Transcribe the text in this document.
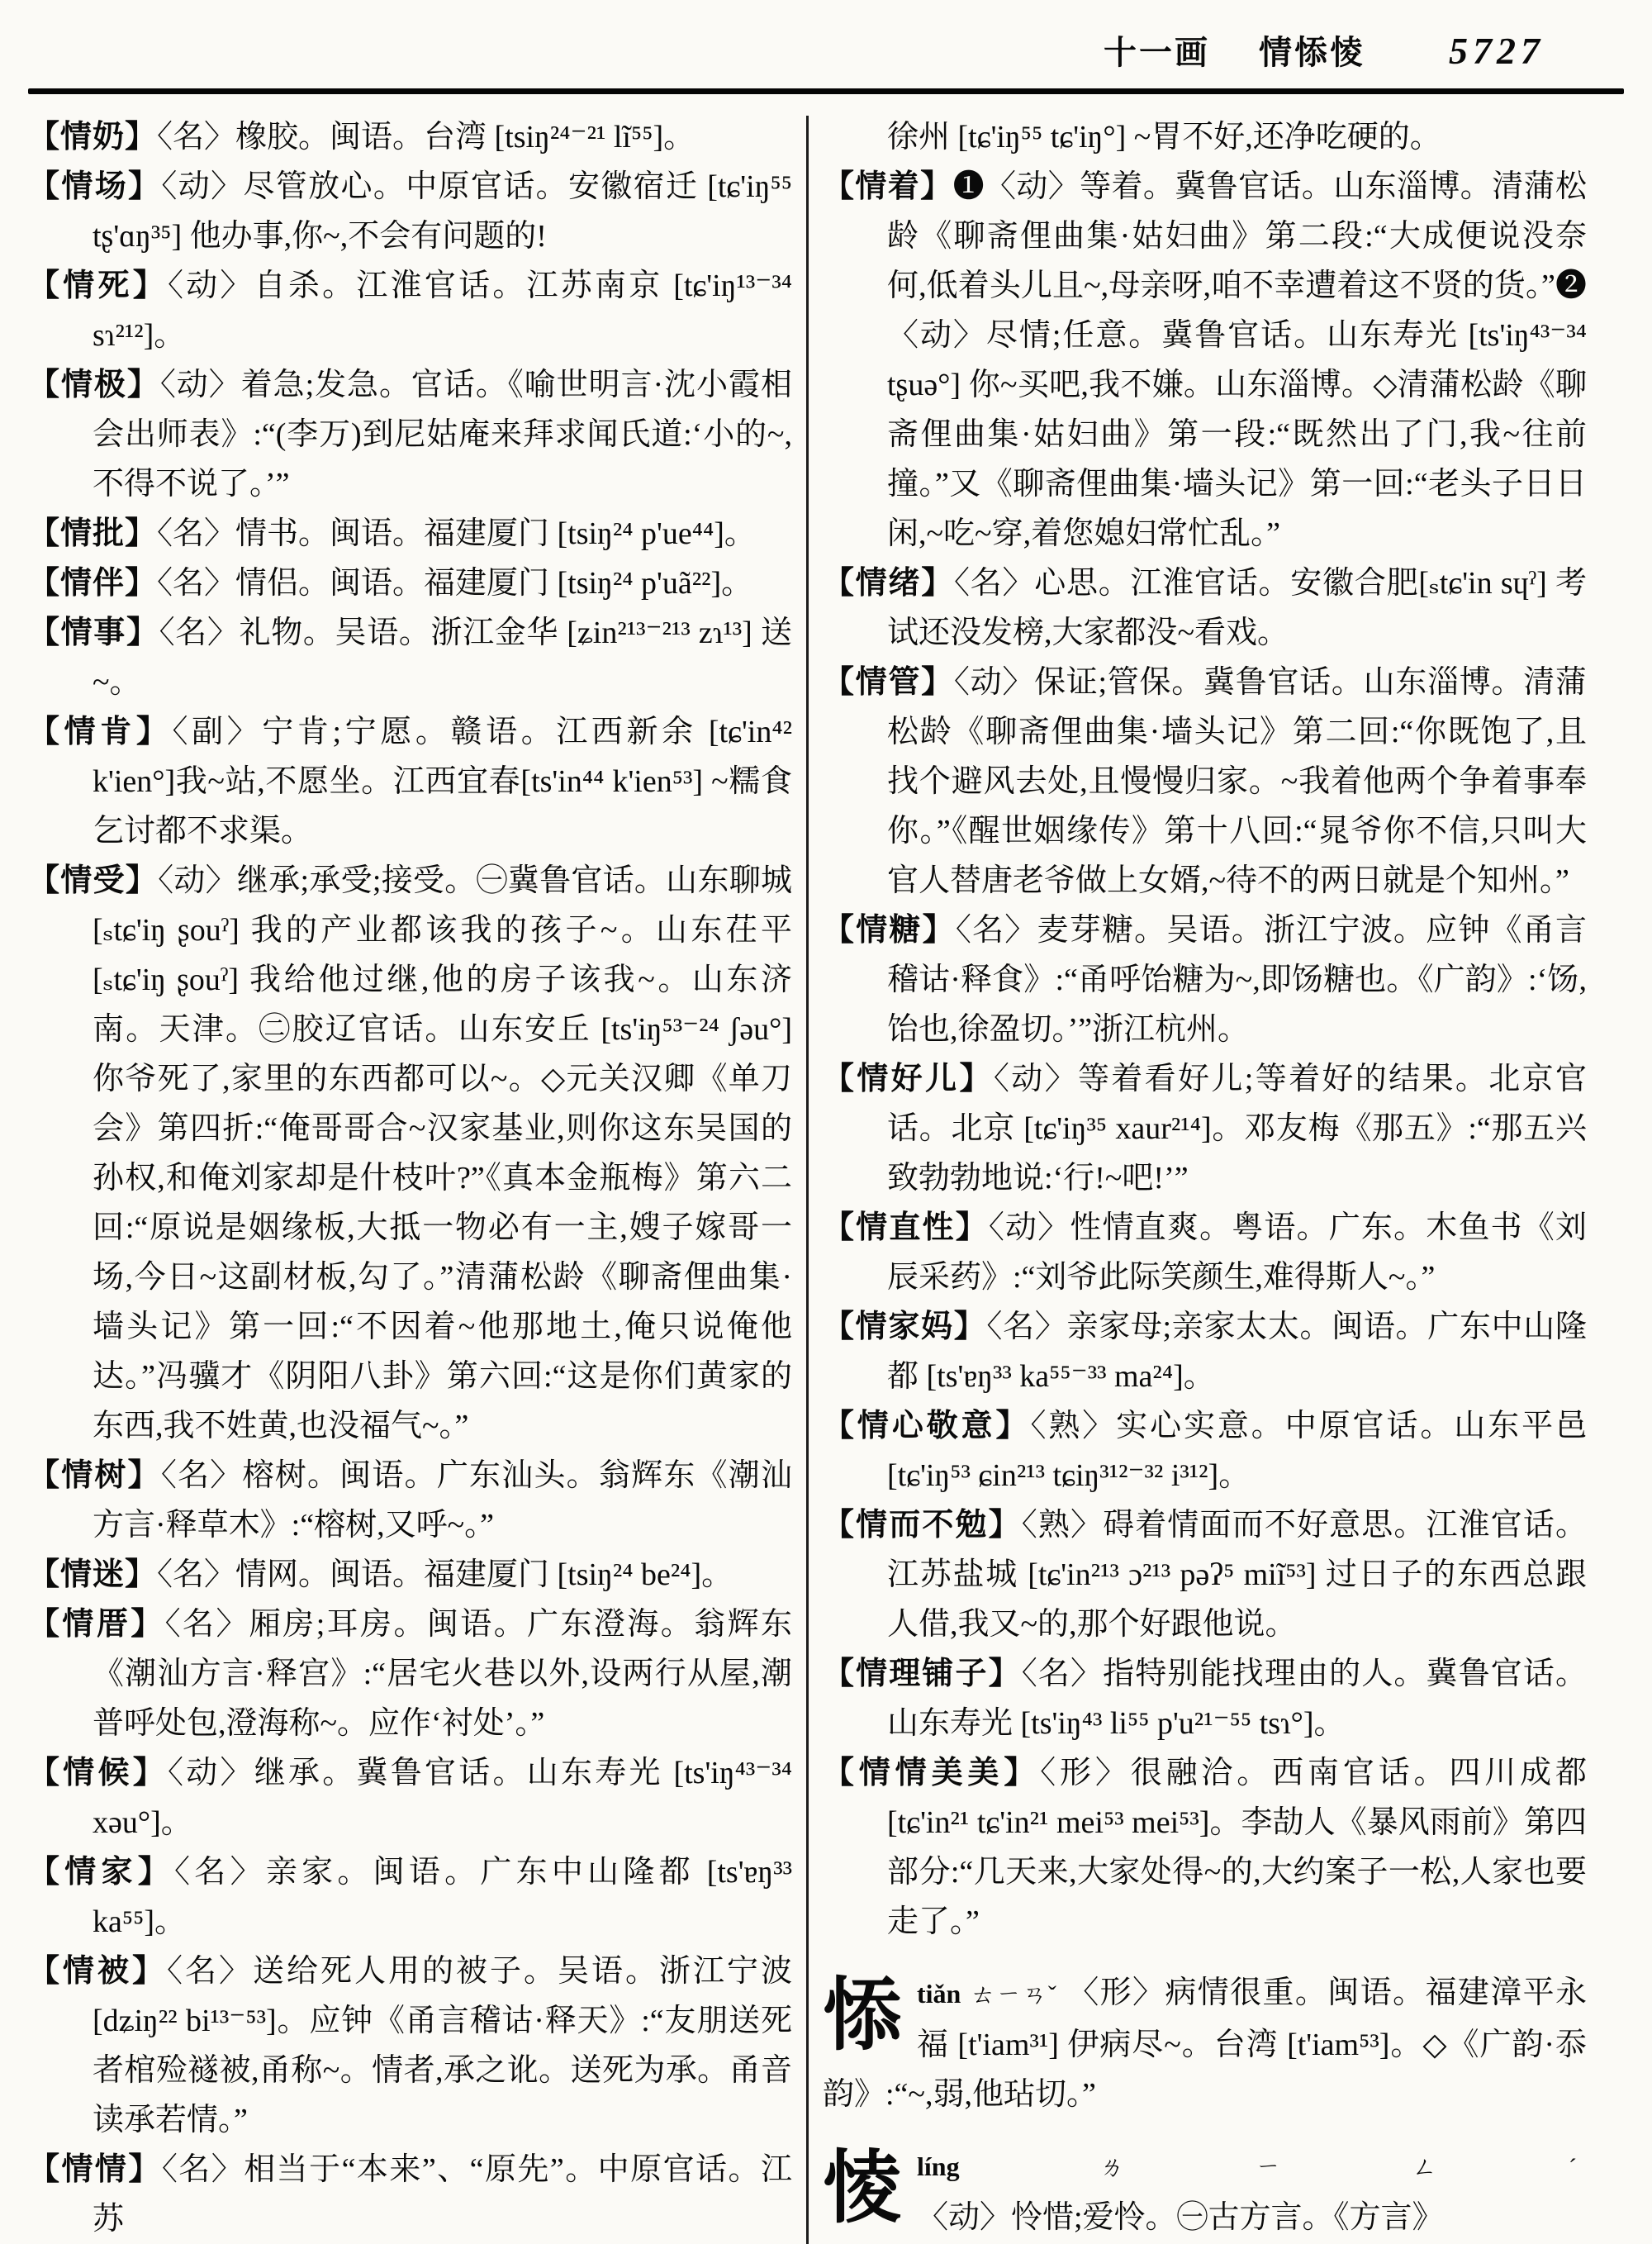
十一画 情悿㥄 5727

【情奶】〈名〉橡胶。闽语。台湾 [tsiŋ²⁴⁻²¹ lĩ⁵⁵]。

【情场】〈动〉尽管放心。中原官话。安徽宿迁 [tɕ'iŋ⁵⁵ tʂ'ɑŋ³⁵] 他办事,你~,不会有问题的!

【情死】〈动〉自杀。江淮官话。江苏南京 [tɕ'iŋ¹³⁻³⁴ sɿ²¹²]。

【情极】〈动〉着急;发急。官话。《喻世明言·沈小霞相会出师表》:“(李万)到尼姑庵来拜求闻氏道:‘小的~,不得不说了。’”

【情批】〈名〉情书。闽语。福建厦门 [tsiŋ²⁴ p'ue⁴⁴]。

【情伴】〈名〉情侣。闽语。福建厦门 [tsiŋ²⁴ p'uã²²]。

【情事】〈名〉礼物。吴语。浙江金华 [ʑin²¹³⁻²¹³ zɿ¹³] 送~。

【情肯】〈副〉宁肯;宁愿。赣语。江西新余 [tɕ'in⁴² k'ien°]我~站,不愿坐。江西宜春[ts'in⁴⁴ k'ien⁵³] ~糯食乞讨都不求渠。

【情受】〈动〉继承;承受;接受。㊀冀鲁官话。山东聊城 [ₛtɕ'iŋ ʂouˀ] 我的产业都该我的孩子~。山东茌平 [ₛtɕ'iŋ ʂouˀ] 我给他过继,他的房子该我~。山东济南。天津。㊁胶辽官话。山东安丘 [ts'iŋ⁵³⁻²⁴ ʃəu°] 你爷死了,家里的东西都可以~。◇元关汉卿《单刀会》第四折:“俺哥哥合~汉家基业,则你这东吴国的孙权,和俺刘家却是什枝叶?”《真本金瓶梅》第六二回:“原说是姻缘板,大抵一物必有一主,嫂子嫁哥一场,今日~这副材板,勾了。”清蒲松龄《聊斋俚曲集·墙头记》第一回:“不因着~他那地土,俺只说俺他达。”冯骥才《阴阳八卦》第六回:“这是你们黄家的东西,我不姓黄,也没福气~。”

【情树】〈名〉榕树。闽语。广东汕头。翁辉东《潮汕方言·释草木》:“榕树,又呼~。”

【情迷】〈名〉情网。闽语。福建厦门 [tsiŋ²⁴ be²⁴]。

【情厝】〈名〉厢房;耳房。闽语。广东澄海。翁辉东《潮汕方言·释宫》:“居宅火巷以外,设两行从屋,潮普呼处包,澄海称~。应作‘衬处’。”

【情候】〈动〉继承。冀鲁官话。山东寿光 [ts'iŋ⁴³⁻³⁴ xəu°]。

【情家】〈名〉亲家。闽语。广东中山隆都 [ts'ɐŋ³³ ka⁵⁵]。

【情被】〈名〉送给死人用的被子。吴语。浙江宁波 [dʑiŋ²² bi¹³⁻⁵³]。应钟《甬言稽诂·释天》:“友朋送死者棺殓襚被,甬称~。情者,承之讹。送死为承。甬音读承若情。”

【情情】〈名〉相当于“本来”、“原先”。中原官话。江苏

徐州 [tɕ'iŋ⁵⁵ tɕ'iŋ°] ~胃不好,还净吃硬的。

【情着】❶〈动〉等着。冀鲁官话。山东淄博。清蒲松龄《聊斋俚曲集·姑妇曲》第二段:“大成便说没奈何,低着头儿且~,母亲呀,咱不幸遭着这不贤的货。”❷〈动〉尽情;任意。冀鲁官话。山东寿光 [ts'iŋ⁴³⁻³⁴ tʂuə°] 你~买吧,我不嫌。山东淄博。◇清蒲松龄《聊斋俚曲集·姑妇曲》第一段:“既然出了门,我~往前撞。”又《聊斋俚曲集·墙头记》第一回:“老头子日日闲,~吃~穿,着您媳妇常忙乱。”

【情绪】〈名〉心思。江淮官话。安徽合肥[ₛtɕ'in sɥˀ] 考试还没发榜,大家都没~看戏。

【情管】〈动〉保证;管保。冀鲁官话。山东淄博。清蒲松龄《聊斋俚曲集·墙头记》第二回:“你既饱了,且找个避风去处,且慢慢归家。~我着他两个争着事奉你。”《醒世姻缘传》第十八回:“晁爷你不信,只叫大官人替唐老爷做上女婿,~待不的两日就是个知州。”

【情糖】〈名〉麦芽糖。吴语。浙江宁波。应钟《甬言稽诂·释食》:“甬呼饴糖为~,即饧糖也。《广韵》:‘饧,饴也,徐盈切。’”浙江杭州。

【情好儿】〈动〉等着看好儿;等着好的结果。北京官话。北京 [tɕ'iŋ³⁵ xaur²¹⁴]。邓友梅《那五》:“那五兴致勃勃地说:‘行!~吧!’”

【情直性】〈动〉性情直爽。粤语。广东。木鱼书《刘辰采药》:“刘爷此际笑颜生,难得斯人~。”

【情家妈】〈名〉亲家母;亲家太太。闽语。广东中山隆都 [ts'ɐŋ³³ ka⁵⁵⁻³³ ma²⁴]。

【情心敬意】〈熟〉实心实意。中原官话。山东平邑 [tɕ'iŋ⁵³ ɕin²¹³ tɕiŋ³¹²⁻³² i³¹²]。

【情而不勉】〈熟〉碍着情面而不好意思。江淮官话。江苏盐城 [tɕ'in²¹³ ɔ²¹³ pəʔ⁵ miĩ⁵³] 过日子的东西总跟人借,我又~的,那个好跟他说。

【情理铺子】〈名〉指特别能找理由的人。冀鲁官话。山东寿光 [ts'iŋ⁴³ li⁵⁵ p'u²¹⁻⁵⁵ tsɿ°]。

【情情美美】〈形〉很融洽。西南官话。四川成都 [tɕ'in²¹ tɕ'in²¹ mei⁵³ mei⁵³]。李劼人《暴风雨前》第四部分:“几天来,大家处得~的,大约案子一松,人家也要走了。”

悿tiǎn ㄊㄧㄢˇ 〈形〉病情很重。闽语。福建漳平永福 [t'iam³¹] 伊病尽~。台湾 [t'iam⁵³]。◇《广韵·忝韵》:“~,弱,他玷切。”

㥄líng ㄌㄧㄥˊ〈动〉怜惜;爱怜。㊀古方言。《方言》
